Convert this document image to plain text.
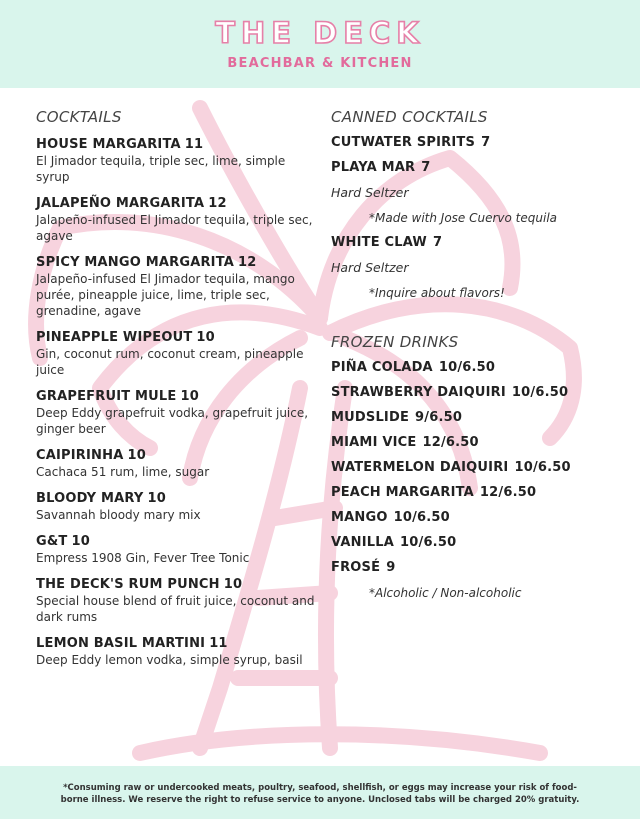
THE DECK
BEACHBAR & KITCHEN
COCKTAILS
HOUSE MARGARITA 11
El Jimador tequila, triple sec, lime, simple syrup
JALAPEÑO MARGARITA 12
Jalapeño-infused El Jimador tequila, triple sec, agave
SPICY MANGO MARGARITA 12
Jalapeño-infused El Jimador tequila, mango purée, pineapple juice, lime, triple sec, grenadine, agave
PINEAPPLE WIPEOUT 10
Gin, coconut rum, coconut cream, pineapple juice
GRAPEFRUIT MULE 10
Deep Eddy grapefruit vodka, grapefruit juice, ginger beer
CAIPIRINHA 10
Cachaca 51 rum, lime, sugar
BLOODY MARY 10
Savannah bloody mary mix
G&T 10
Empress 1908 Gin, Fever Tree Tonic
THE DECK'S RUM PUNCH 10
Special house blend of fruit juice, coconut and dark rums
LEMON BASIL MARTINI 11
Deep Eddy lemon vodka, simple syrup, basil
CANNED COCKTAILS
CUTWATER SPIRITS 7
PLAYA MAR 7
Hard Seltzer
*Made with Jose Cuervo tequila
WHITE CLAW 7
Hard Seltzer
*Inquire about flavors!
FROZEN DRINKS
PIÑA COLADA 10/6.50
STRAWBERRY DAIQUIRI 10/6.50
MUDSLIDE 9/6.50
MIAMI VICE 12/6.50
WATERMELON DAIQUIRI 10/6.50
PEACH MARGARITA 12/6.50
MANGO 10/6.50
VANILLA 10/6.50
FROSÉ 9
*Alcoholic / Non-alcoholic
*Consuming raw or undercooked meats, poultry, seafood, shellfish, or eggs may increase your risk of food-borne illness. We reserve the right to refuse service to anyone. Unclosed tabs will be charged 20% gratuity.
